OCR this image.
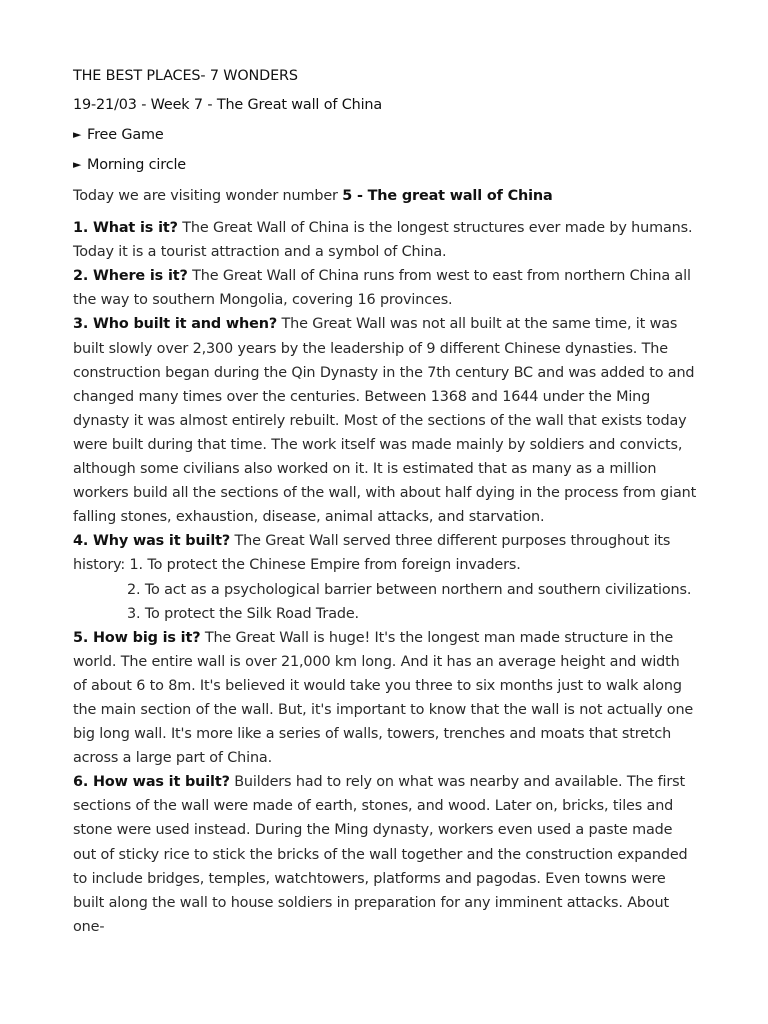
THE BEST PLACES- 7 WONDERS

19-21/03 - Week 7 - The Great wall of China

► Free Game

► Morning circle

Today we are visiting wonder number 5 - The great wall of China

1. What is it? The Great Wall of China is the longest structures ever made by humans. Today it is a tourist attraction and a symbol of China.

2. Where is it? The Great Wall of China runs from west to east from northern China all the way to southern Mongolia, covering 16 provinces.

3. Who built it and when? The Great Wall was not all built at the same time, it was built slowly over 2,300 years by the leadership of 9 different Chinese dynasties. The construction began during the Qin Dynasty in the 7th century BC and was added to and changed many times over the centuries. Between 1368 and 1644 under the Ming dynasty it was almost entirely rebuilt. Most of the sections of the wall that exists today were built during that time. The work itself was made mainly by soldiers and convicts, although some civilians also worked on it. It is estimated that as many as a million workers build all the sections of the wall, with about half dying in the process from giant falling stones, exhaustion, disease, animal attacks, and starvation.

4. Why was it built? The Great Wall served three different purposes throughout its history: 1. To protect the Chinese Empire from foreign invaders.

2. To act as a psychological barrier between northern and southern civilizations.

3. To protect the Silk Road Trade.

5. How big is it? The Great Wall is huge! It's the longest man made structure in the world. The entire wall is over 21,000 km long. And it has an average height and width of about 6 to 8m. It's believed it would take you three to six months just to walk along the main section of the wall. But, it's important to know that the wall is not actually one big long wall. It's more like a series of walls, towers, trenches and moats that stretch across a large part of China.

6. How was it built? Builders had to rely on what was nearby and available. The first sections of the wall were made of earth, stones, and wood. Later on, bricks, tiles and stone were used instead. During the Ming dynasty, workers even used a paste made out of sticky rice to stick the bricks of the wall together and the construction expanded to include bridges, temples, watchtowers, platforms and pagodas. Even towns were built along the wall to house soldiers in preparation for any imminent attacks. About one-
